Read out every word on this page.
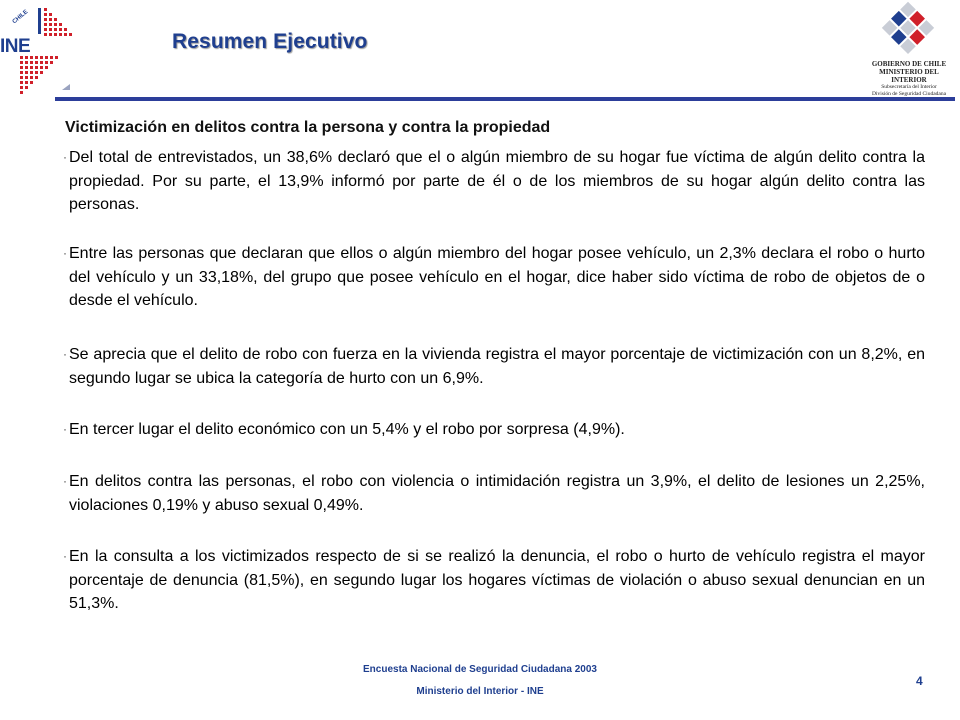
CHILE
INE	Resumen Ejecutivo
GOBIERNO DE CHILE
MINISTERIO DEL INTERIOR
Subsecretaría del Interior
División de Seguridad Ciudadana
Victimización en delitos contra la persona y contra la propiedad
· Del total de entrevistados, un 38,6% declaró que el o algún miembro de su hogar fue víctima de algún delito contra la propiedad. Por su parte, el 13,9% informó por parte de él o de los miembros de su hogar algún delito contra las personas.
· Entre las personas que declaran que ellos o algún miembro del hogar posee vehículo, un 2,3% declara el robo o hurto del vehículo y un 33,18%, del grupo que posee vehículo en el hogar, dice haber sido víctima de robo de objetos de o desde el vehículo.
· Se aprecia que el delito de robo con fuerza en la vivienda registra el mayor porcentaje de victimización con un 8,2%, en segundo lugar se ubica la categoría de hurto con un 6,9%.
· En tercer lugar el delito económico con un 5,4% y el robo por sorpresa (4,9%).
· En delitos contra las personas, el robo con violencia o intimidación registra un 3,9%, el delito de lesiones un 2,25%, violaciones 0,19% y abuso sexual 0,49%.
· En la consulta a los victimizados respecto de si se realizó la denuncia, el robo o hurto de vehículo registra el mayor porcentaje de denuncia (81,5%), en segundo lugar los hogares víctimas de violación o abuso sexual denuncian en un 51,3%.
Encuesta Nacional de Seguridad Ciudadana 2003
Ministerio del Interior - INE
4
